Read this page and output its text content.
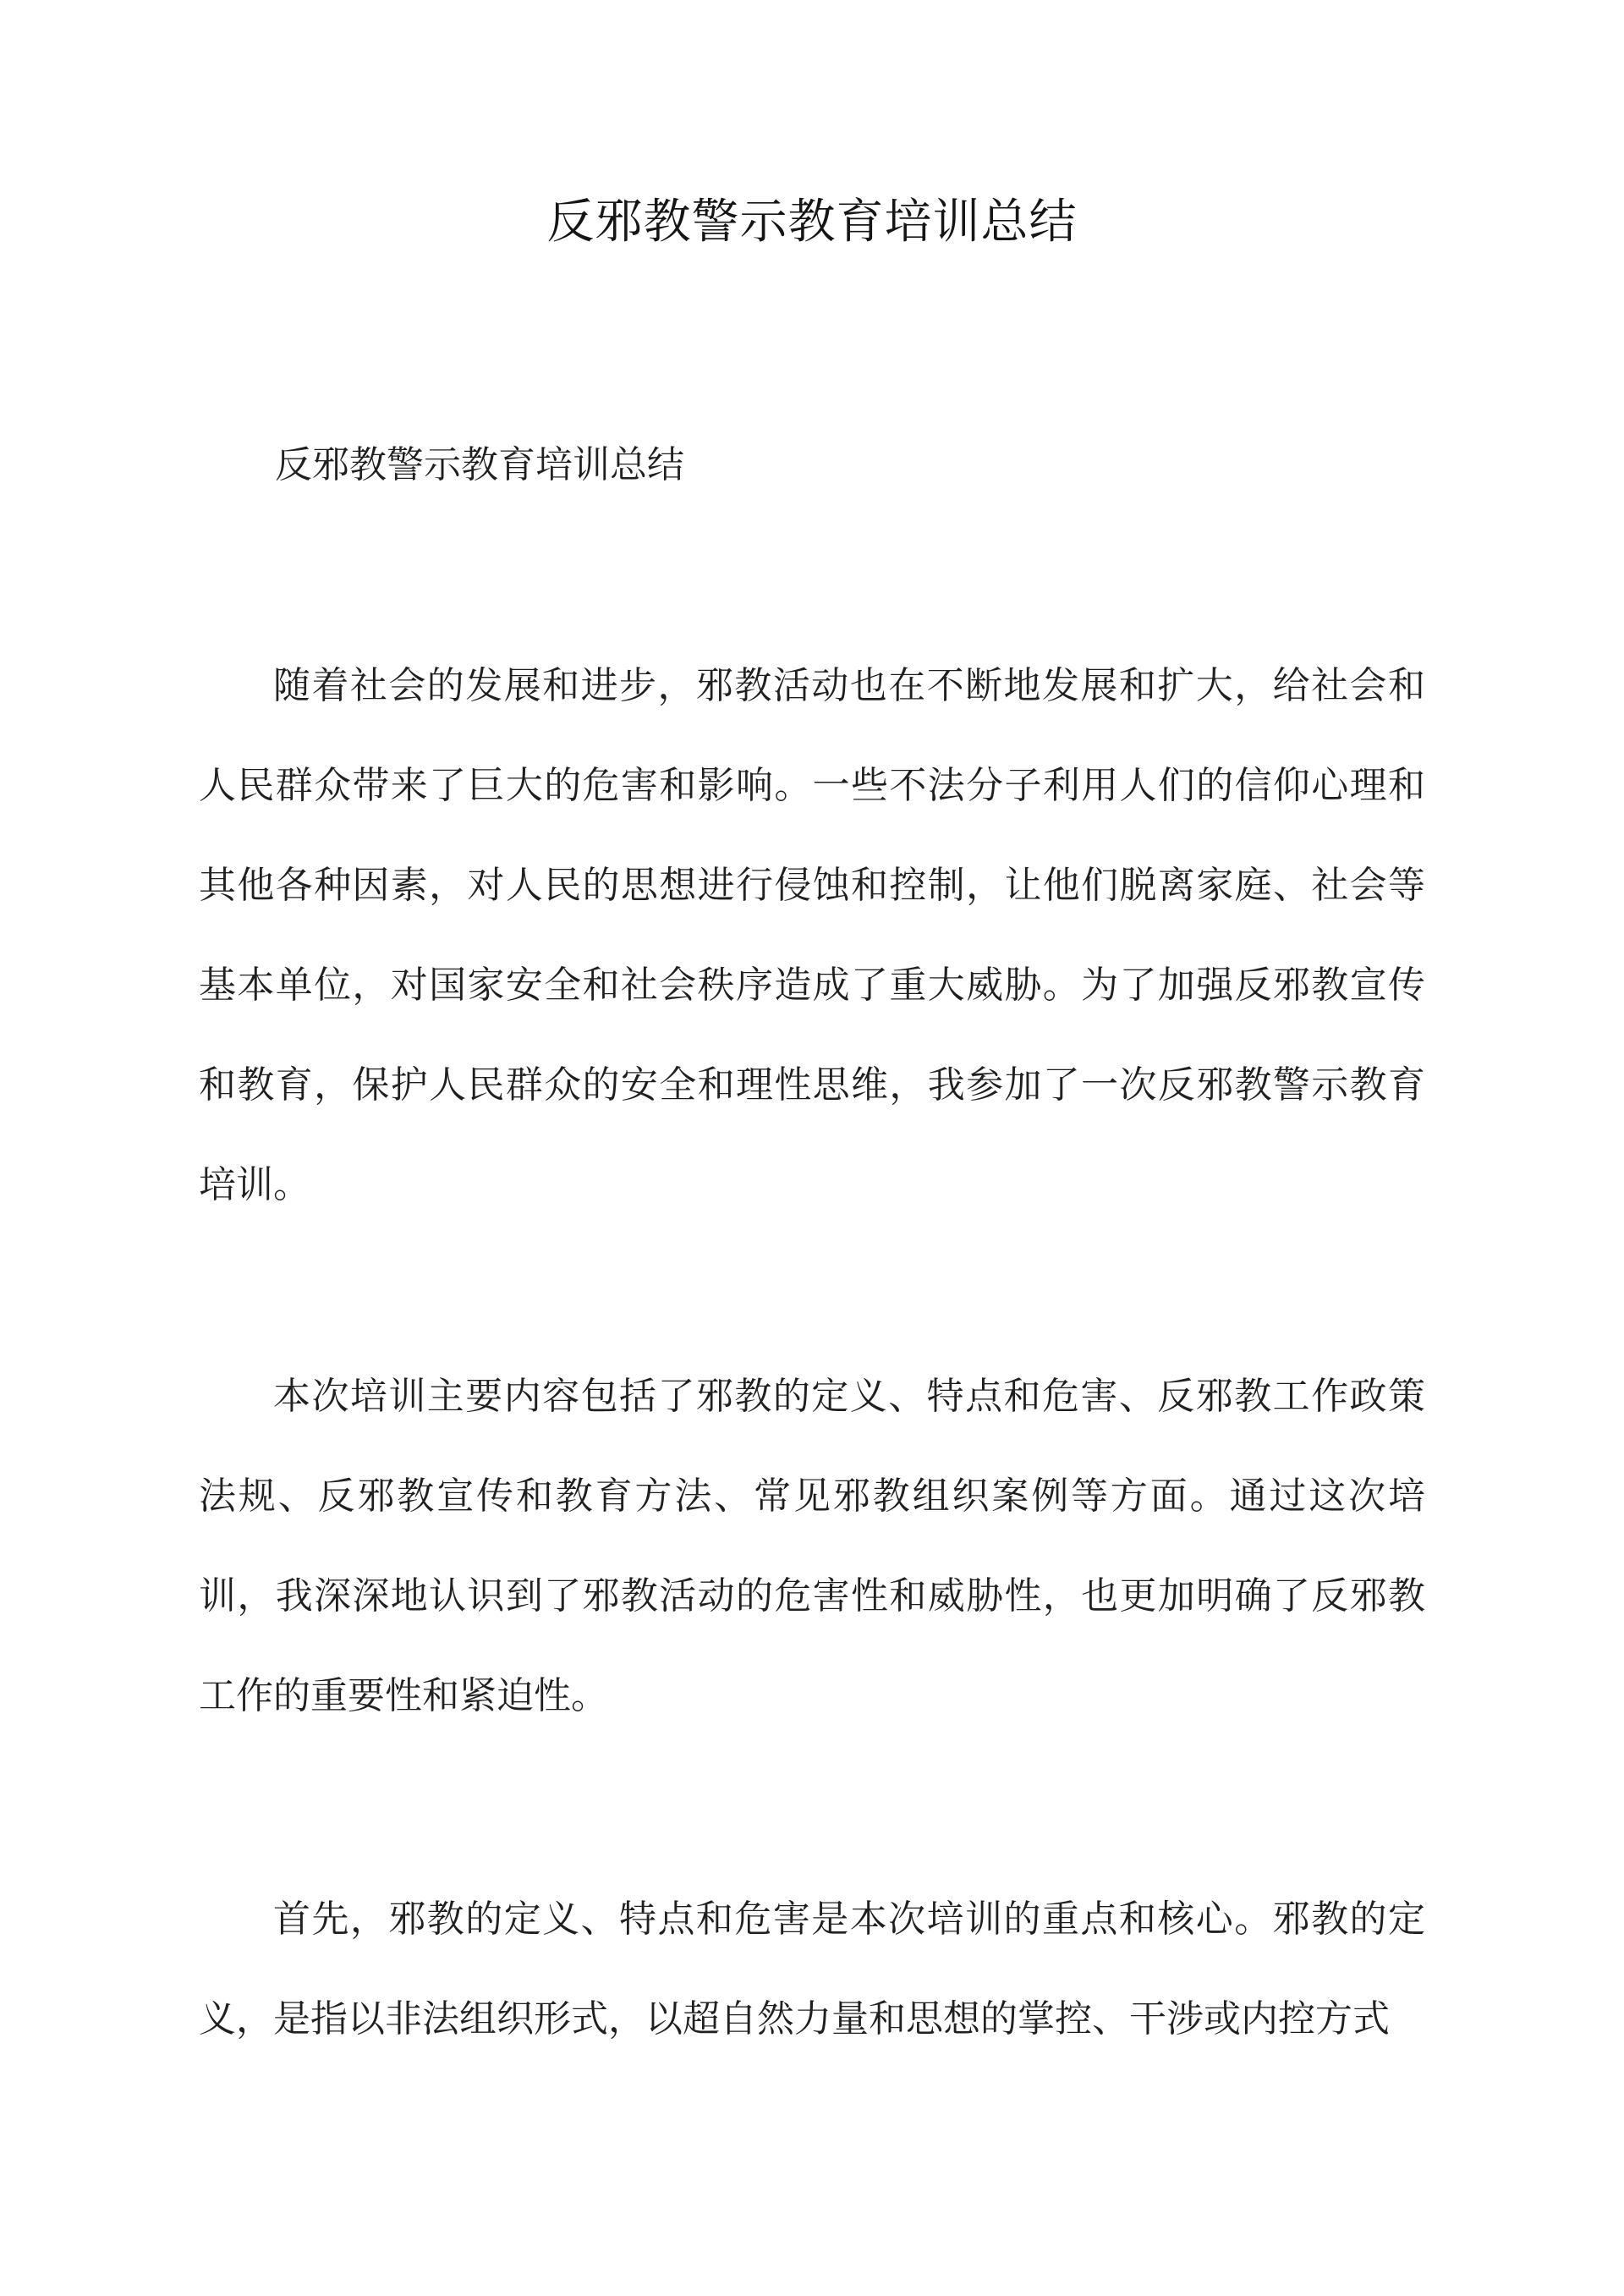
反邪教警示教育培训总结
反邪教警示教育培训总结

随着社会的发展和进步，邪教活动也在不断地发展和扩大，给社会和人民群众带来了巨大的危害和影响。一些不法分子利用人们的信仰心理和其他各种因素，对人民的思想进行侵蚀和控制，让他们脱离家庭、社会等基本单位，对国家安全和社会秩序造成了重大威胁。为了加强反邪教宣传和教育，保护人民群众的安全和理性思维，我参加了一次反邪教警示教育培训。

本次培训主要内容包括了邪教的定义、特点和危害、反邪教工作政策法规、反邪教宣传和教育方法、常见邪教组织案例等方面。通过这次培训，我深深地认识到了邪教活动的危害性和威胁性，也更加明确了反邪教工作的重要性和紧迫性。

首先，邪教的定义、特点和危害是本次培训的重点和核心。邪教的定义，是指以非法组织形式，以超自然力量和思想的掌控、干涉或内控方式
